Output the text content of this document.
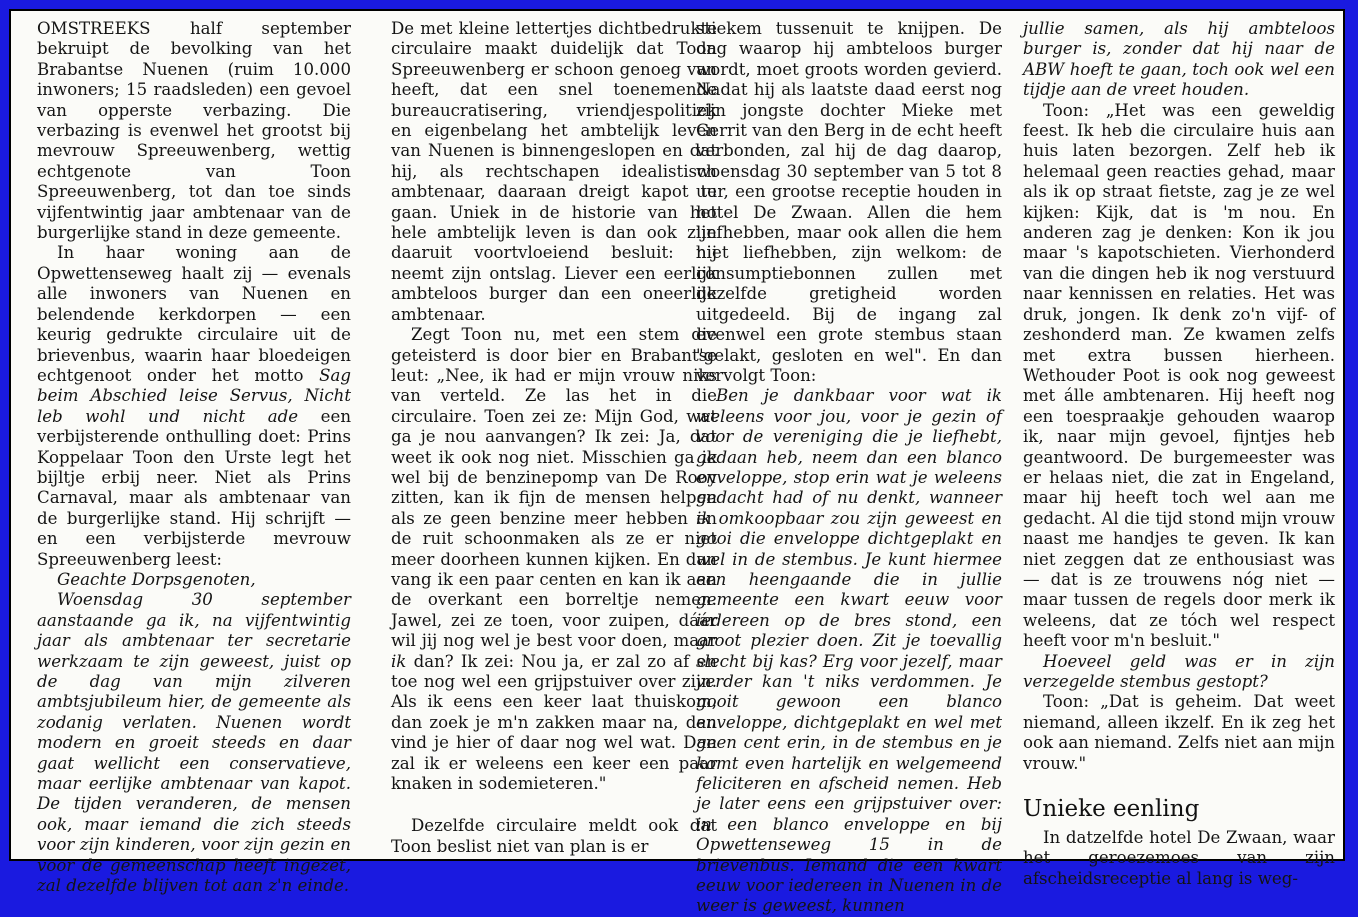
OMSTREEKS half september bekruipt de bevolking van het Brabantse Nuenen (ruim 10.000 inwoners; 15 raadsleden) een gevoel van opperste verbazing. Die verbazing is evenwel het grootst bij mevrouw Spreeuwenberg, wettig echtgenote van Toon Spreeuwenberg, tot dan toe sinds vijfentwintig jaar ambtenaar van de burgerlijke stand in deze gemeente.

In haar woning aan de Opwettenseweg haalt zij — evenals alle inwoners van Nuenen en belendende kerkdorpen — een keurig gedrukte circulaire uit de brievenbus, waarin haar bloedeigen echtgenoot onder het motto Sag beim Abschied leise Servus, Nicht leb wohl und nicht ade een verbijsterende onthulling doet: Prins Koppelaar Toon den Urste legt het bijltje erbij neer. Niet als Prins Carnaval, maar als ambtenaar van de burgerlijke stand. Hij schrijft — en een verbijsterde mevrouw Spreeuwenberg leest:

Geachte Dorpsgenoten,

Woensdag 30 september aanstaande ga ik, na vijfentwintig jaar als ambtenaar ter secretarie werkzaam te zijn geweest, juist op de dag van mijn zilveren ambtsjubileum hier, de gemeente als zodanig verlaten. Nuenen wordt modern en groeit steeds en daar gaat wellicht een conservatieve, maar eerlijke ambtenaar van kapot. De tijden veranderen, de mensen ook, maar iemand die zich steeds voor zijn kinderen, voor zijn gezin en voor de gemeenschap heeft ingezet, zal dezelfde blijven tot aan z'n einde.

De met kleine lettertjes dichtbedrukte circulaire maakt duidelijk dat Toon Spreeuwenberg er schoon genoeg van heeft, dat een snel toenemende bureaucratisering, vriendjespolitiek en eigenbelang het ambtelijk leven van Nuenen is binnengeslopen en dat hij, als rechtschapen idealistisch ambtenaar, daaraan dreigt kapot te gaan. Uniek in de historie van het hele ambtelijk leven is dan ook zijn daaruit voortvloeiend besluit: hij neemt zijn ontslag. Liever een eerlijk ambteloos burger dan een oneerlijk ambtenaar.

Zegt Toon nu, met een stem die geteisterd is door bier en Brabantse leut: „Nee, ik had er mijn vrouw niks van verteld. Ze las het in die circulaire. Toen zei ze: Mijn God, wat ga je nou aanvangen? Ik zei: Ja, dat weet ik ook nog niet. Misschien ga ik wel bij de benzinepomp van De Rooy zitten, kan ik fijn de mensen helpen als ze geen benzine meer hebben en de ruit schoonmaken als ze er niet meer doorheen kunnen kijken. En dan vang ik een paar centen en kan ik aan de overkant een borreltje nemen. Jawel, zei ze toen, voor zuipen, dáár wil jij nog wel je best voor doen, maar ik dan? Ik zei: Nou ja, er zal zo af en toe nog wel een grijpstuiver over zijn. Als ik eens een keer laat thuiskom, dan zoek je m'n zakken maar na, dan vind je hier of daar nog wel wat. Dan zal ik er weleens een keer een paar knaken in sodemieteren."

Dezelfde circulaire meldt ook dat Toon beslist niet van plan is er

stiekem tussenuit te knijpen. De dag waarop hij ambteloos burger wordt, moet groots worden gevierd. Nadat hij als laatste daad eerst nog zijn jongste dochter Mieke met Gerrit van den Berg in de echt heeft verbonden, zal hij de dag daarop, woensdag 30 september van 5 tot 8 uur, een grootse receptie houden in hotel De Zwaan. Allen die hem liefhebben, maar ook allen die hem niet liefhebben, zijn welkom: de consumptiebonnen zullen met dezelfde gretigheid worden uitgedeeld. Bij de ingang zal evenwel een grote stembus staan "gelakt, gesloten en wel". En dan vervolgt Toon:

Ben je dankbaar voor wat ik weleens voor jou, voor je gezin of voor de vereniging die je liefhebt, gedaan heb, neem dan een blanco enveloppe, stop erin wat je weleens gedacht had of nu denkt, wanneer ik omkoopbaar zou zijn geweest en gooi die enveloppe dichtgeplakt en wel in de stembus. Je kunt hiermee een heengaande die in jullie gemeente een kwart eeuw voor iedereen op de bres stond, een groot plezier doen. Zit je toevallig slecht bij kas? Erg voor jezelf, maar verder kan 't niks verdommen. Je gooit gewoon een blanco enveloppe, dichtgeplakt en wel met geen cent erin, in de stembus en je komt even hartelijk en welgemeend feliciteren en afscheid nemen. Heb je later eens een grijpstuiver over: in een blanco enveloppe en bij Opwettenseweg 15 in de brievenbus. Iemand die een kwart eeuw voor iedereen in Nuenen in de weer is geweest, kunnen

jullie samen, als hij ambteloos burger is, zonder dat hij naar de ABW hoeft te gaan, toch ook wel een tijdje aan de vreet houden.

Toon: „Het was een geweldig feest. Ik heb die circulaire huis aan huis laten bezorgen. Zelf heb ik helemaal geen reacties gehad, maar als ik op straat fietste, zag je ze wel kijken: Kijk, dat is 'm nou. En anderen zag je denken: Kon ik jou maar 's kapotschieten. Vierhonderd van die dingen heb ik nog verstuurd naar kennissen en relaties. Het was druk, jongen. Ik denk zo'n vijf- of zeshonderd man. Ze kwamen zelfs met extra bussen hierheen. Wethouder Poot is ook nog geweest met álle ambtenaren. Hij heeft nog een toespraakje gehouden waarop ik, naar mijn gevoel, fijntjes heb geantwoord. De burgemeester was er helaas niet, die zat in Engeland, maar hij heeft toch wel aan me gedacht. Al die tijd stond mijn vrouw naast me handjes te geven. Ik kan niet zeggen dat ze enthousiast was — dat is ze trouwens nóg niet — maar tussen de regels door merk ik weleens, dat ze tóch wel respect heeft voor m'n besluit."

Hoeveel geld was er in zijn verzegelde stembus gestopt?

Toon: „Dat is geheim. Dat weet niemand, alleen ikzelf. En ik zeg het ook aan niemand. Zelfs niet aan mijn vrouw."

Unieke eenling

In datzelfde hotel De Zwaan, waar het geroezemoes van zijn afscheidsreceptie al lang is weg-
